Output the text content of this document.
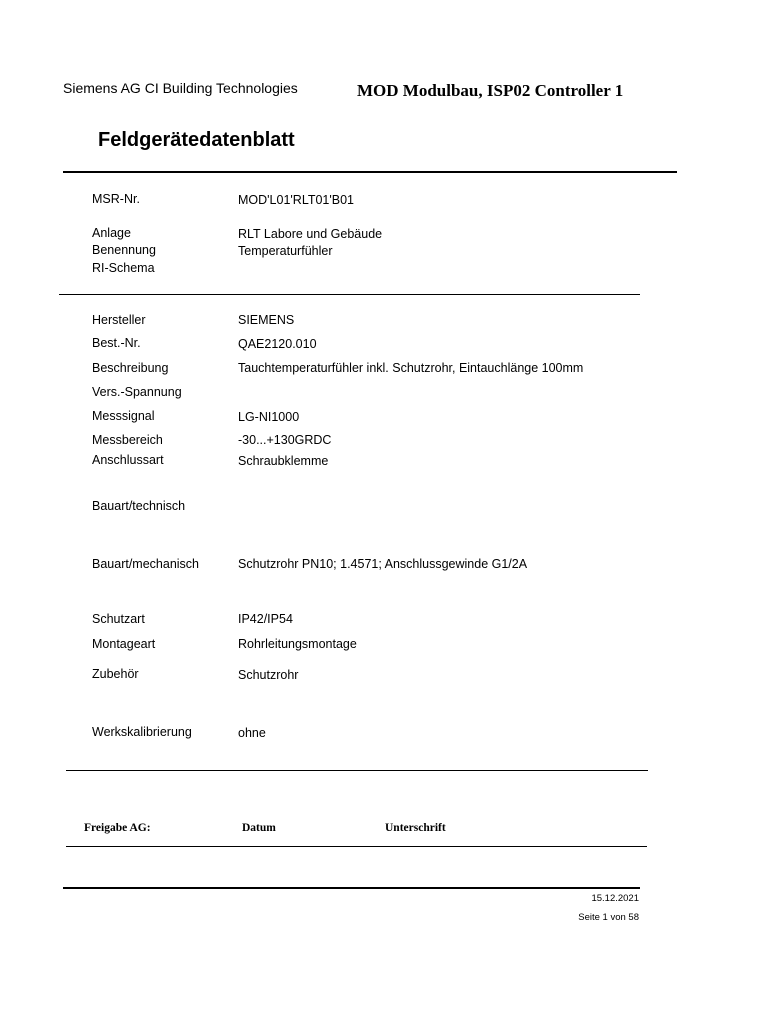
Siemens AG CI Building Technologies	MOD Modulbau, ISP02 Controller 1
Feldgerätedatenblatt
MSR-Nr.	MOD'L01'RLT01'B01
Anlage	RLT Labore und Gebäude
Benennung	Temperaturfühler
RI-Schema
Hersteller	SIEMENS
Best.-Nr.	QAE2120.010
Beschreibung	Tauchtemperaturfühler inkl. Schutzrohr, Eintauchlänge 100mm
Vers.-Spannung
Messsignal	LG-NI1000
Messbereich	-30...+130GRDC
Anschlussart	Schraubklemme
Bauart/technisch
Bauart/mechanisch	Schutzrohr PN10; 1.4571; Anschlussgewinde G1/2A
Schutzart	IP42/IP54
Montageart	Rohrleitungsmontage
Zubehör	Schutzrohr
Werkskalibrierung	ohne
Freigabe AG:	Datum	Unterschrift
15.12.2021
Seite 1 von 58
